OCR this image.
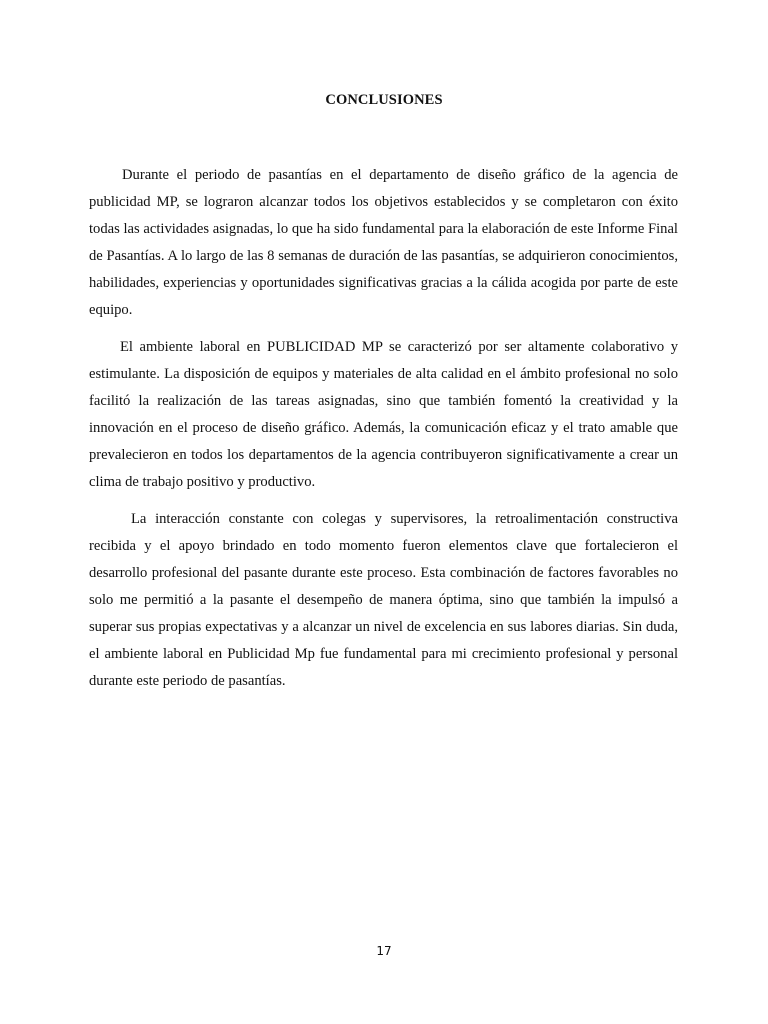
CONCLUSIONES

Durante el periodo de pasantías en el departamento de diseño gráfico de la agencia de publicidad MP, se lograron alcanzar todos los objetivos establecidos y se completaron con éxito todas las actividades asignadas, lo que ha sido fundamental para la elaboración de este Informe Final de Pasantías. A lo largo de las 8 semanas de duración de las pasantías, se adquirieron conocimientos, habilidades, experiencias y oportunidades significativas gracias a la cálida acogida por parte de este equipo.

El ambiente laboral en PUBLICIDAD MP se caracterizó por ser altamente colaborativo y estimulante. La disposición de equipos y materiales de alta calidad en el ámbito profesional no solo facilitó la realización de las tareas asignadas, sino que también fomentó la creatividad y la innovación en el proceso de diseño gráfico. Además, la comunicación eficaz y el trato amable que prevalecieron en todos los departamentos de la agencia contribuyeron significativamente a crear un clima de trabajo positivo y productivo.

La interacción constante con colegas y supervisores, la retroalimentación constructiva recibida y el apoyo brindado en todo momento fueron elementos clave que fortalecieron el desarrollo profesional del pasante durante este proceso. Esta combinación de factores favorables no solo me permitió a la pasante el desempeño de manera óptima, sino que también la impulsó a superar sus propias expectativas y a alcanzar un nivel de excelencia en sus labores diarias. Sin duda, el ambiente laboral en Publicidad Mp fue fundamental para mi crecimiento profesional y personal durante este periodo de pasantías.

17
